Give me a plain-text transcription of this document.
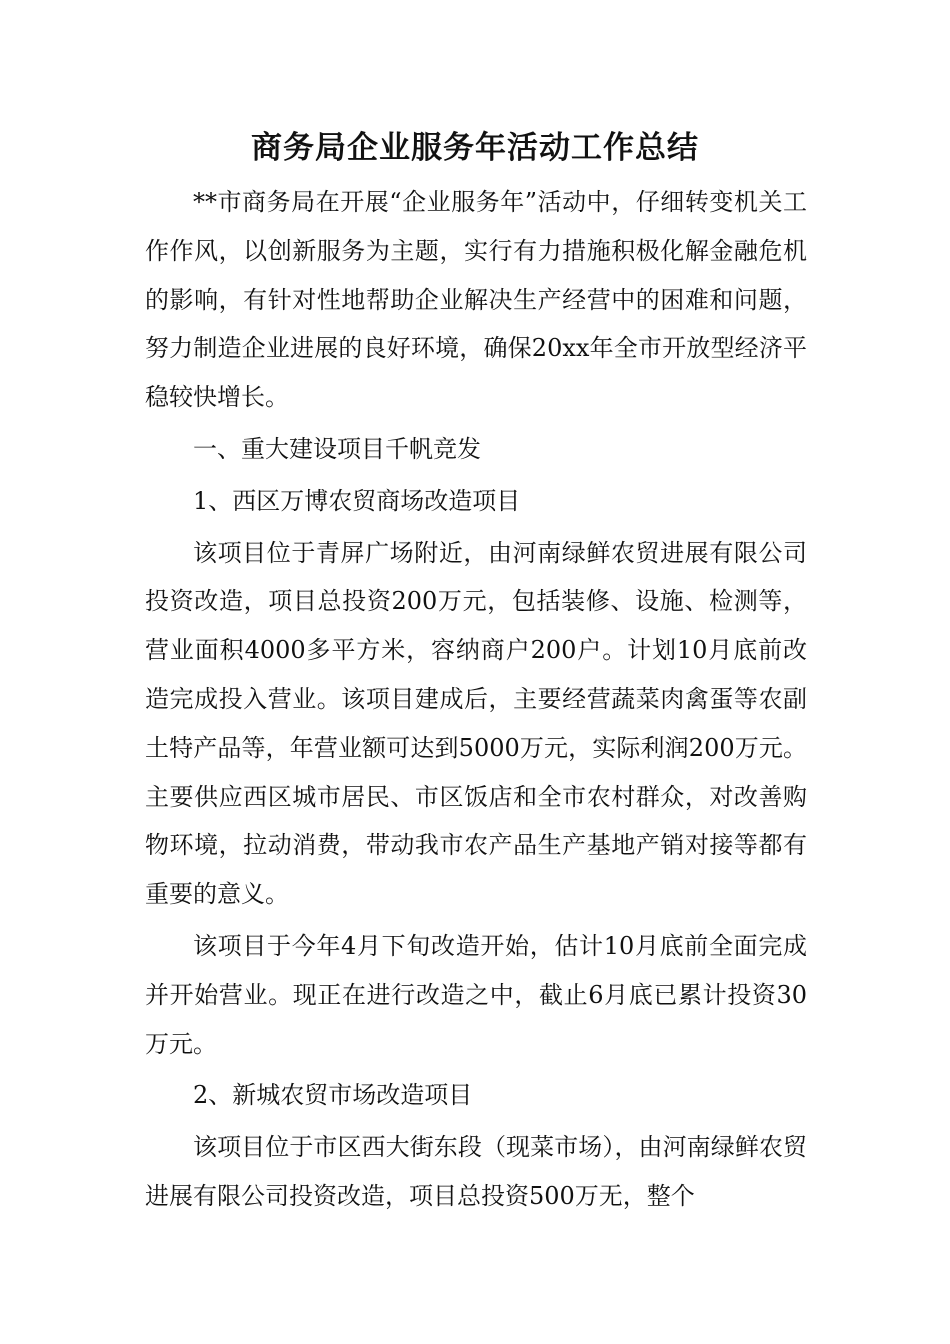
商务局企业服务年活动工作总结

**市商务局在开展“企业服务年”活动中，仔细转变机关工作作风，以创新服务为主题，实行有力措施积极化解金融危机的影响，有针对性地帮助企业解决生产经营中的困难和问题，努力制造企业进展的良好环境，确保20xx年全市开放型经济平稳较快增长。

一、重大建设项目千帆竞发

1、西区万博农贸商场改造项目

该项目位于青屏广场附近，由河南绿鲜农贸进展有限公司投资改造，项目总投资200万元，包括装修、设施、检测等，营业面积4000多平方米，容纳商户200户。计划10月底前改造完成投入营业。该项目建成后，主要经营蔬菜肉禽蛋等农副土特产品等，年营业额可达到5000万元，实际利润200万元。主要供应西区城市居民、市区饭店和全市农村群众，对改善购物环境，拉动消费，带动我市农产品生产基地产销对接等都有重要的意义。

该项目于今年4月下旬改造开始，估计10月底前全面完成并开始营业。现正在进行改造之中，截止6月底已累计投资30万元。

2、新城农贸市场改造项目

该项目位于市区西大街东段（现菜市场），由河南绿鲜农贸进展有限公司投资改造，项目总投资500万无，整个
